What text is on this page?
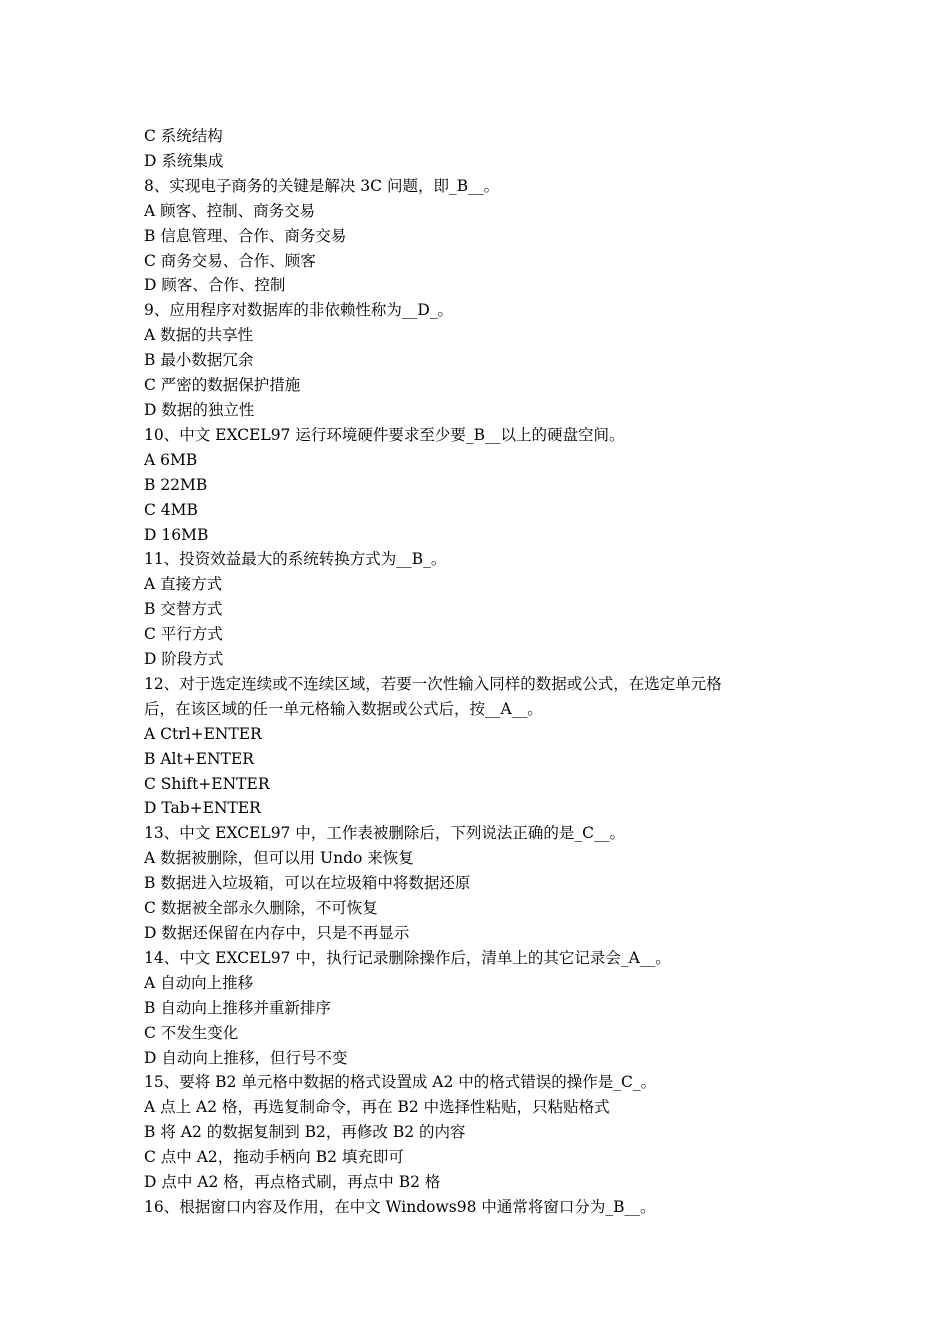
C 系统结构

D 系统集成

8、实现电子商务的关键是解决 3C 问题，即_B__。

A 顾客、控制、商务交易

B 信息管理、合作、商务交易

C 商务交易、合作、顾客

D 顾客、合作、控制

9、应用程序对数据库的非依赖性称为__D_。

A 数据的共享性

B 最小数据冗余

C 严密的数据保护措施

D 数据的独立性

10、中文 EXCEL97 运行环境硬件要求至少要_B__以上的硬盘空间。

A 6MB

B 22MB

C 4MB

D 16MB

11、投资效益最大的系统转换方式为__B_。

A 直接方式

B 交替方式

C 平行方式

D 阶段方式

12、对于选定连续或不连续区域，若要一次性输入同样的数据或公式，在选定单元格

后，在该区域的任一单元格输入数据或公式后，按__A__。

A Ctrl+ENTER

B Alt+ENTER

C Shift+ENTER

D Tab+ENTER

13、中文 EXCEL97 中，工作表被删除后，下列说法正确的是_C__。

A 数据被删除，但可以用 Undo 来恢复

B 数据进入垃圾箱，可以在垃圾箱中将数据还原

C 数据被全部永久删除，不可恢复

D 数据还保留在内存中，只是不再显示

14、中文 EXCEL97 中，执行记录删除操作后，清单上的其它记录会_A__。

A 自动向上推移

B 自动向上推移并重新排序

C 不发生变化

D 自动向上推移，但行号不变

15、要将 B2 单元格中数据的格式设置成 A2 中的格式错误的操作是_C_。

A 点上 A2 格，再选复制命令，再在 B2 中选择性粘贴，只粘贴格式

B 将 A2 的数据复制到 B2，再修改 B2 的内容

C 点中 A2，拖动手柄向 B2 填充即可

D 点中 A2 格，再点格式刷，再点中 B2 格

16、根据窗口内容及作用，在中文 Windows98 中通常将窗口分为_B__。
